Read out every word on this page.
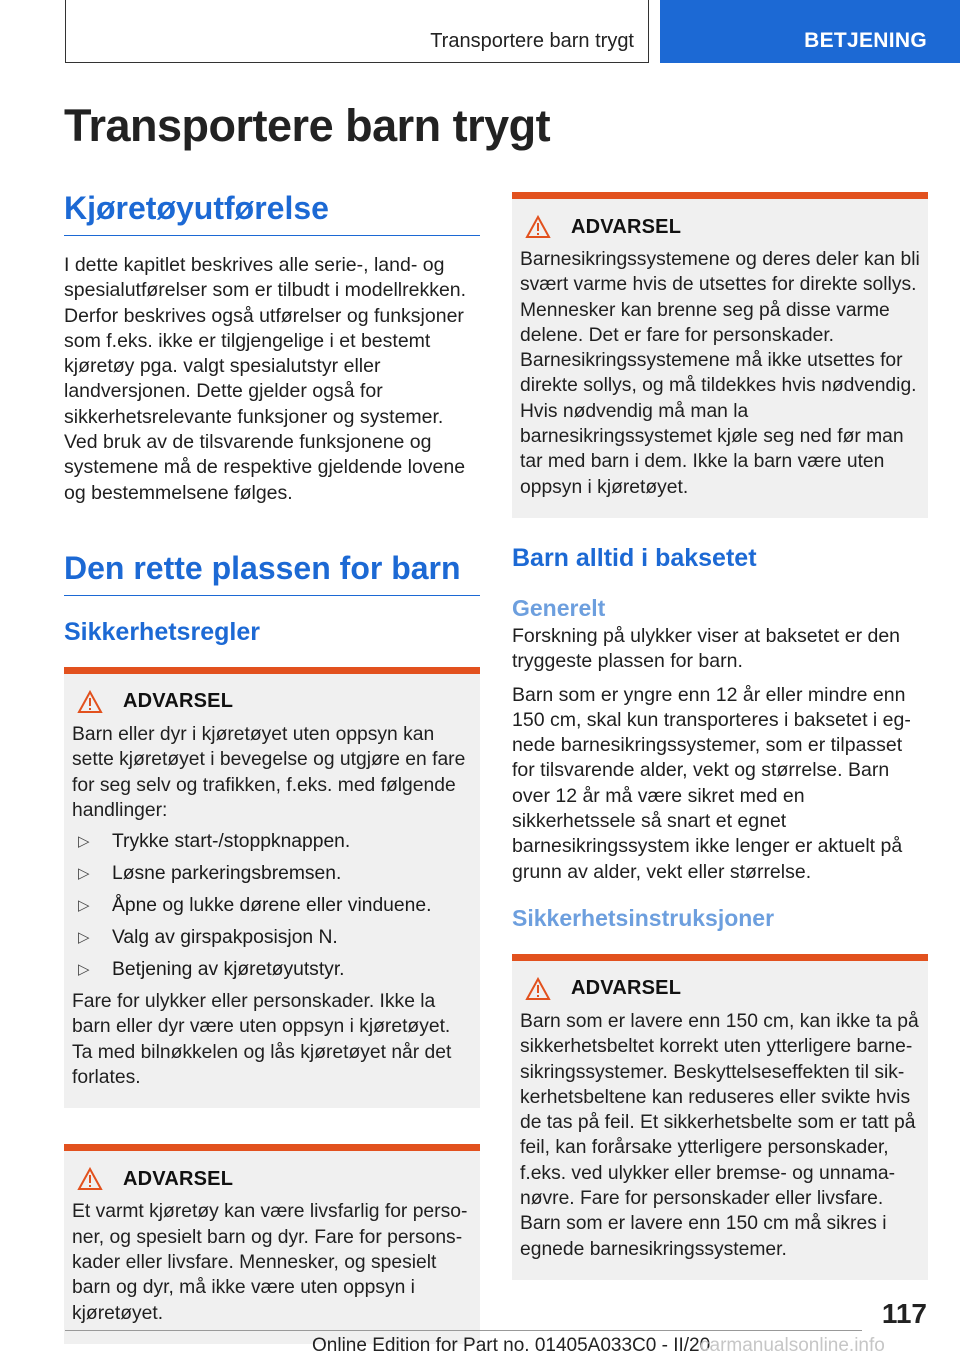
Transportere barn trygt	BETJENING
Transportere barn trygt
Kjøretøyutførelse

I dette kapitlet beskrives alle serie-, land- og spesialutførelser som er tilbudt i modellrekken. Derfor beskrives også utførelser og funksjoner som f.eks. ikke er tilgjengelige i et bestemt kjøretøy pga. valgt spesialutstyr eller landversjonen. Dette gjelder også for sikkerhetsrelevante funksjoner og systemer. Ved bruk av de tilsvarende funksjonene og systemene må de respektive gjeldende lovene og bestemmelsene følges.

Den rette plassen for barn
Sikkerhetsregler
ADVARSEL

Barn eller dyr i kjøretøyet uten oppsyn kan sette kjøretøyet i bevegelse og utgjøre en fare for seg selv og trafikken, f.eks. med følgende handlinger:

▷	Trykke start-/stoppknappen.
▷	Løsne parkeringsbremsen.
▷	Åpne og lukke dørene eller vinduene.
▷	Valg av girspakposisjon N.
▷	Betjening av kjøretøyutstyr.

Fare for ulykker eller personskader. Ikke la barn eller dyr være uten oppsyn i kjøretøyet. Ta med bilnøkkelen og lås kjøretøyet når det forlates.

ADVARSEL

Et varmt kjøretøy kan være livsfarlig for personer, og spesielt barn og dyr. Fare for personskader eller livsfare. Mennesker, og spesielt barn og dyr, må ikke være uten oppsyn i kjøretøyet.

ADVARSEL

Barnesikringssystemene og deres deler kan bli svært varme hvis de utsettes for direkte sollys. Mennesker kan brenne seg på disse varme delene. Det er fare for personskader. Barnesikringssystemene må ikke utsettes for direkte sollys, og må tildekkes hvis nødvendig. Hvis nødvendig må man la barnesikringssystemet kjøle seg ned før man tar med barn i dem. Ikke la barn være uten oppsyn i kjøretøyet.

Barn alltid i baksetet
Generelt

Forskning på ulykker viser at baksetet er den tryggeste plassen for barn.

Barn som er yngre enn 12 år eller mindre enn 150 cm, skal kun transporteres i baksetet i egnede barnesikringssystemer, som er tilpasset for tilsvarende alder, vekt og størrelse. Barn over 12 år må være sikret med en sikkerhetssele så snart et egnet barnesikringssystem ikke lenger er aktuelt på grunn av alder, vekt eller størrelse.

Sikkerhetsinstruksjoner
ADVARSEL

Barn som er lavere enn 150 cm, kan ikke ta på sikkerhetsbeltet korrekt uten ytterligere barnesikringssystemer. Beskyttelseseffekten til sikkerhetsbeltene kan reduseres eller svikte hvis de tas på feil. Et sikkerhetsbelte som er tatt på feil, kan forårsake ytterligere personskader, f.eks. ved ulykker eller bremse- og unnamanøvre. Fare for personskader eller livsfare. Barn som er lavere enn 150 cm må sikres i egnede barnesikringssystemer.

117
Online Edition for Part no. 01405A033C0 - II/20
carmanualsonline.info
